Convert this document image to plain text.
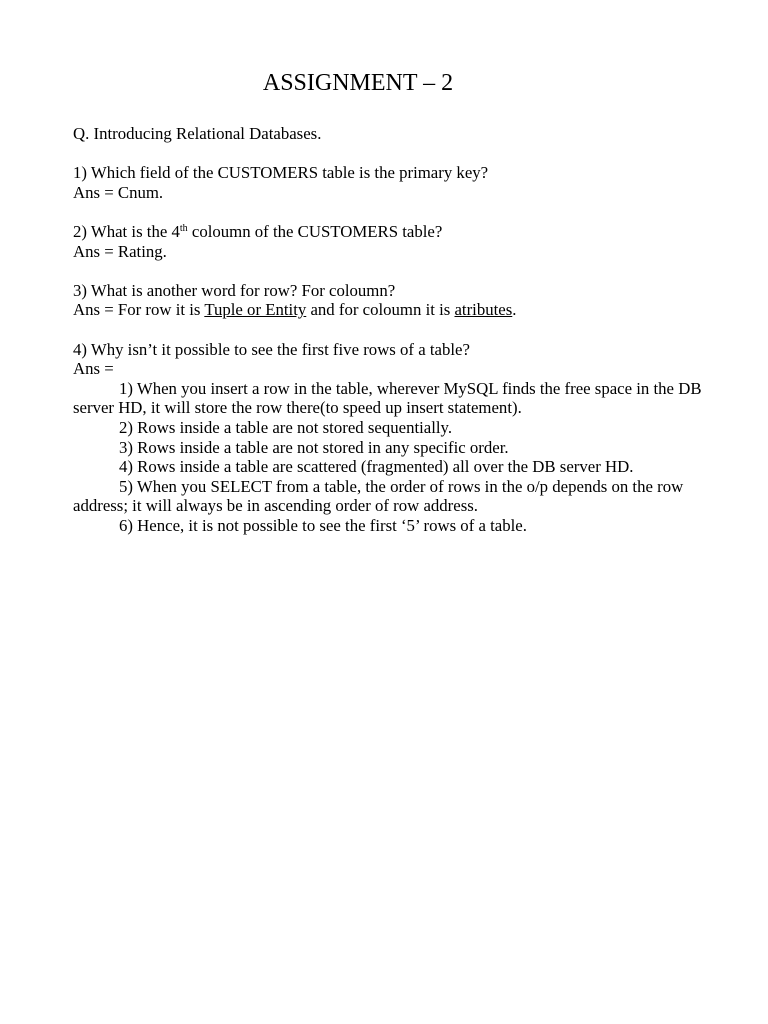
ASSIGNMENT – 2
Q. Introducing Relational Databases.
1) Which field of the CUSTOMERS table is the primary key?
Ans = Cnum.
2) What is the 4th coloumn of the CUSTOMERS table?
Ans = Rating.
3) What is another word for row? For coloumn?
Ans = For row it is Tuple or Entity and for coloumn it is atributes.
4) Why isn’t it possible to see the first five rows of a table?
Ans =
1) When you insert a row in the table, wherever MySQL finds the free space in the DB server HD, it will store the row there(to speed up insert statement).
2) Rows inside a table are not stored sequentially.
3) Rows inside a table are not stored in any specific order.
4) Rows inside a table are scattered (fragmented) all over the DB server HD.
5) When you SELECT from a table, the order of rows in the o/p depends on the row address; it will always be in ascending order of row address.
6) Hence, it is not possible to see the first ‘5’ rows of a table.
